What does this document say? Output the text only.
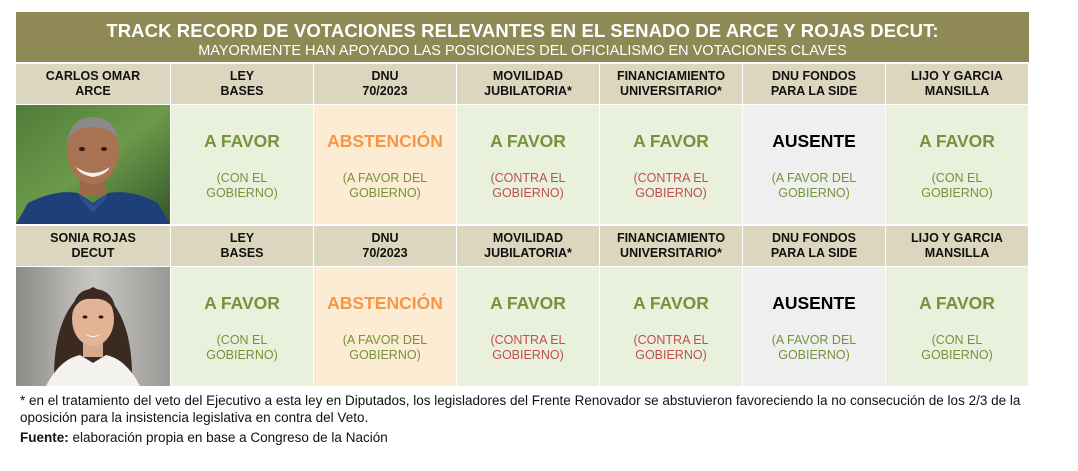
TRACK RECORD DE VOTACIONES RELEVANTES EN EL SENADO DE ARCE Y ROJAS DECUT:
MAYORMENTE HAN APOYADO LAS POSICIONES DEL OFICIALISMO EN VOTACIONES CLAVES
CARLOS OMAR
ARCE
LEY
BASES
DNU
70/2023
MOVILIDAD
JUBILATORIA*
FINANCIAMIENTO
UNIVERSITARIO*
DNU FONDOS
PARA LA SIDE
LIJO Y GARCIA
MANSILLA
A FAVOR
(CON EL
GOBIERNO)
ABSTENCIÓN
(A FAVOR DEL
GOBIERNO)
A FAVOR
(CONTRA EL
GOBIERNO)
A FAVOR
(CONTRA EL
GOBIERNO)
AUSENTE
(A FAVOR DEL
GOBIERNO)
A FAVOR
(CON EL
GOBIERNO)
SONIA ROJAS
DECUT
LEY
BASES
DNU
70/2023
MOVILIDAD
JUBILATORIA*
FINANCIAMIENTO
UNIVERSITARIO*
DNU FONDOS
PARA LA SIDE
LIJO Y GARCIA
MANSILLA
A FAVOR
(CON EL
GOBIERNO)
ABSTENCIÓN
(A FAVOR DEL
GOBIERNO)
A FAVOR
(CONTRA EL
GOBIERNO)
A FAVOR
(CONTRA EL
GOBIERNO)
AUSENTE
(A FAVOR DEL
GOBIERNO)
A FAVOR
(CON EL
GOBIERNO)

* en el tratamiento del veto del Ejecutivo a esta ley en Diputados, los legisladores del Frente Renovador se abstuvieron favoreciendo la no consecución de los 2/3 de la oposición para la insistencia legislativa en contra del Veto.

Fuente: elaboración propia en base a Congreso de la Nación
